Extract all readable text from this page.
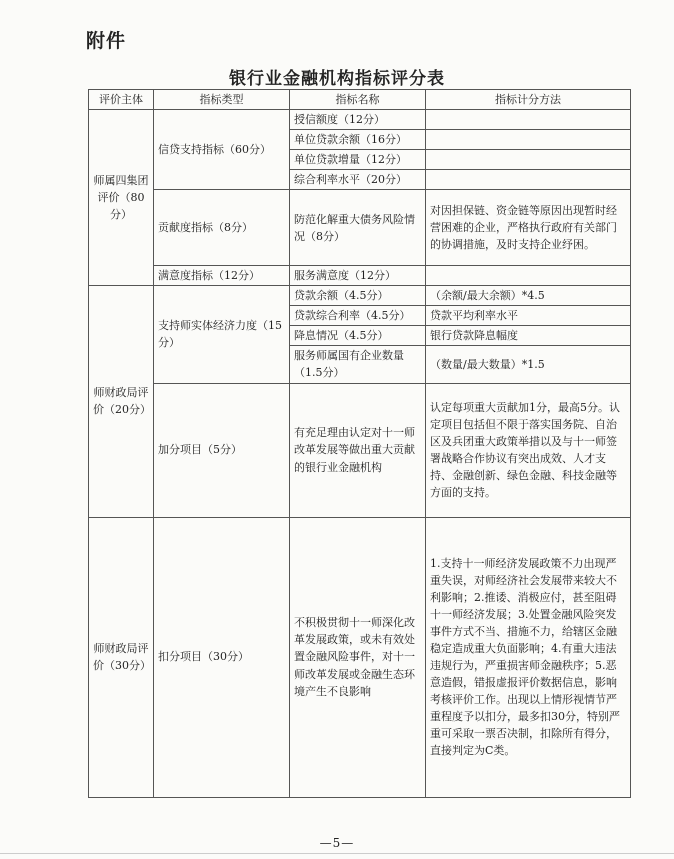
附件
银行业金融机构指标评分表
评价主体	指标类型	指标名称	指标计分方法
师属四集团评价（80分）	信贷支持指标（60分）	授信额度（12分）	
		单位贷款余额（16分）	
		单位贷款增量（12分）	
		综合利率水平（20分）	
	贡献度指标（8分）	防范化解重大债务风险情况（8分）	对因担保链、资金链等原因出现暂时经营困难的企业，严格执行政府有关部门的协调措施，及时支持企业纾困。
	满意度指标（12分）	服务满意度（12分）	
师财政局评价（20分）	支持师实体经济力度（15分）	贷款余额（4.5分）	（余额/最大余额）*4.5
		贷款综合利率（4.5分）	贷款平均利率水平
		降息情况（4.5分）	银行贷款降息幅度
		服务师属国有企业数量（1.5分）	（数量/最大数量）*1.5
	加分项目（5分）	有充足理由认定对十一师改革发展等做出重大贡献的银行业金融机构	认定每项重大贡献加1分，最高5分。认定项目包括但不限于落实国务院、自治区及兵团重大政策举措以及与十一师签署战略合作协议有突出成效、人才支持、金融创新、绿色金融、科技金融等方面的支持。
师财政局评价（30分）	扣分项目（30分）	不积极贯彻十一师深化改革发展政策，或未有效处置金融风险事件，对十一师改革发展或金融生态环境产生不良影响	1.支持十一师经济发展政策不力出现严重失误，对师经济社会发展带来较大不利影响；2.推诿、消极应付，甚至阻碍十一师经济发展；3.处置金融风险突发事件方式不当、措施不力，给辖区金融稳定造成重大负面影响；4.有重大违法违规行为，严重损害师金融秩序；5.恶意造假，错报虚报评价数据信息，影响考核评价工作。出现以上情形视情节严重程度予以扣分，最多扣30分，特别严重可采取一票否决制，扣除所有得分，直接判定为C类。
—5—
